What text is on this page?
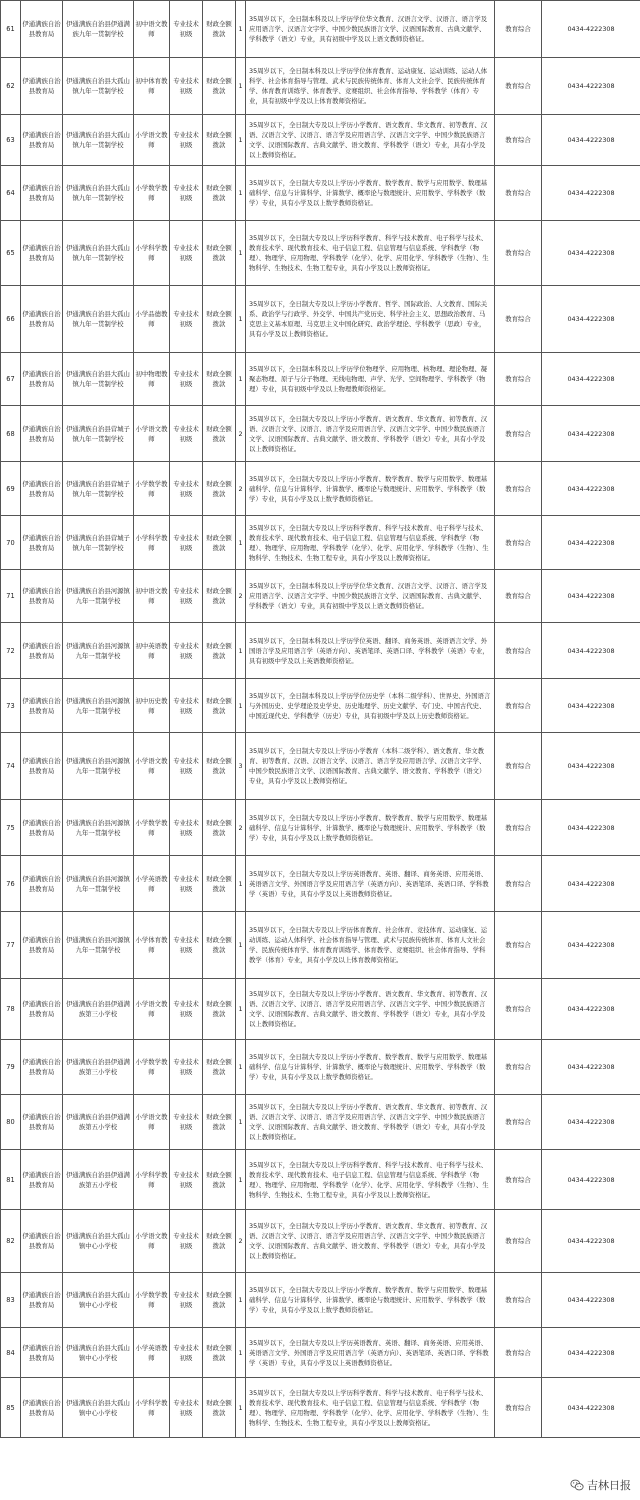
61	伊通满族自治县教育局	伊通满族自治县伊通满族九年一贯制学校	初中语文教师	专业技术初级	财政全额拨款	1	35周岁以下，全日制本科及以上学历学位华文教育、汉语言文学、汉语言、语言学及应用语言学、汉语言文字学、中国少数民族语言文学、汉语国际教育、古典文献学、学科教学（语文）专业，具有初级中学及以上语文教师资格证。	教育综合	0434-4222308
62	伊通满族自治县教育局	伊通满族自治县大孤山镇九年一贯制学校	初中体育教师	专业技术初级	财政全额拨款	1	35周岁以下，全日制本科及以上学历学位体育教育、运动康复、运动训练、运动人体科学、社会体育指导与管理、武术与民族传统体育、体育人文社会学、民族传统体育学、体育教育训练学、体育教学、竞赛组织、社会体育指导、学科教学（体育）专业，具有初级中学及以上体育教师资格证。	教育综合	0434-4222308
63	伊通满族自治县教育局	伊通满族自治县大孤山镇九年一贯制学校	小学语文教师	专业技术初级	财政全额拨款	1	35周岁以下，全日制大专及以上学历小学教育、语文教育、华文教育、初等教育、汉语、汉语言文学、汉语言、语言学及应用语言学、汉语言文字学、中国少数民族语言文学、汉语国际教育、古典文献学、语文教育、学科教学（语文）专业，具有小学及以上教师资格证。	教育综合	0434-4222308
64	伊通满族自治县教育局	伊通满族自治县大孤山镇九年一贯制学校	小学数学教师	专业技术初级	财政全额拨款	1	35周岁以下，全日制大专及以上学历小学教育、数学教育、数学与应用数学、数理基础科学、信息与计算科学、计算数学、概率论与数理统计、应用数学、学科教学（数学）专业，具有小学及以上数学教师资格证。	教育综合	0434-4222308
65	伊通满族自治县教育局	伊通满族自治县大孤山镇九年一贯制学校	小学科学教师	专业技术初级	财政全额拨款	1	35周岁以下，全日制大专及以上学历科学教育、科学与技术教育、电子科学与技术、教育技术学、现代教育技术、电子信息工程、信息管理与信息系统、学科教学（物理）、物理学、应用物理、学科教学（化学）、化学、应用化学、学科教学（生物）、生物科学、生物技术、生物工程专业，具有小学及以上教师资格证。	教育综合	0434-4222308
66	伊通满族自治县教育局	伊通满族自治县大孤山镇九年一贯制学校	小学品德教师	专业技术初级	财政全额拨款	1	35周岁以下，全日制大专及以上学历小学教育、哲学、国际政治、人文教育、国际关系、政治学与行政学、外交学、中国共产党历史、科学社会主义、思想政治教育、马克思主义基本原理、马克思主义中国化研究、政治学理论、学科教学（思政）专业，具有小学及以上教师资格证。	教育综合	0434-4222308
67	伊通满族自治县教育局	伊通满族自治县大孤山镇九年一贯制学校	初中物理教师	专业技术初级	财政全额拨款	1	35周岁以下，全日制本科及以上学历学位物理学、应用物理、核物理、理论物理、凝聚态物理、原子与分子物理、无线电物理、声学、光学、空间物理学、学科教学（物理）专业，具有初级中学及以上物理教师资格证。	教育综合	0434-4222308
68	伊通满族自治县教育局	伊通满族自治县营城子镇九年一贯制学校	小学语文教师	专业技术初级	财政全额拨款	2	35周岁以下，全日制大专及以上学历小学教育、语文教育、华文教育、初等教育、汉语、汉语言文学、汉语言、语言学及应用语言学、汉语言文字学、中国少数民族语言文学、汉语国际教育、古典文献学、语文教育、学科教学（语文）专业，具有小学及以上教师资格证。	教育综合	0434-4222308
69	伊通满族自治县教育局	伊通满族自治县营城子镇九年一贯制学校	小学数学教师	专业技术初级	财政全额拨款	2	35周岁以下，全日制大专及以上学历小学教育、数学教育、数学与应用数学、数理基础科学、信息与计算科学、计算数学、概率论与数理统计、应用数学、学科教学（数学）专业，具有小学及以上数学教师资格证。	教育综合	0434-4222308
70	伊通满族自治县教育局	伊通满族自治县营城子镇九年一贯制学校	小学科学教师	专业技术初级	财政全额拨款	1	35周岁以下，全日制大专及以上学历科学教育、科学与技术教育、电子科学与技术、教育技术学、现代教育技术、电子信息工程、信息管理与信息系统、学科教学（物理）、物理学、应用物理、学科教学（化学）、化学、应用化学、学科教学（生物）、生物科学、生物技术、生物工程专业，具有小学及以上教师资格证。	教育综合	0434-4222308
71	伊通满族自治县教育局	伊通满族自治县河源镇九年一贯制学校	初中语文教师	专业技术初级	财政全额拨款	2	35周岁以下，全日制本科及以上学历学位华文教育、汉语言文学、汉语言、语言学及应用语言学、汉语言文字学、中国少数民族语言文学、汉语国际教育、古典文献学、学科教学（语文）专业，具有初级中学及以上语文教师资格证。	教育综合	0434-4222308
72	伊通满族自治县教育局	伊通满族自治县河源镇九年一贯制学校	初中英语教师	专业技术初级	财政全额拨款	1	35周岁以下，全日制本科及以上学历学位英语、翻译、商务英语、英语语言文学、外国语言学及应用语言学（英语方向）、英语笔译、英语口译、学科教学（英语）专业，具有初级中学及以上英语教师资格证。	教育综合	0434-4222308
73	伊通满族自治县教育局	伊通满族自治县河源镇九年一贯制学校	初中历史教师	专业技术初级	财政全额拨款	1	35周岁以下，全日制本科及以上学历学位历史学（本科二级学科）、世界史、外国语言与外国历史、史学理论及史学史、历史地理学、历史文献学、专门史、中国古代史、中国近现代史、学科教学（历史）专业，具有初级中学及以上历史教师资格证。	教育综合	0434-4222308
74	伊通满族自治县教育局	伊通满族自治县河源镇九年一贯制学校	小学语文教师	专业技术初级	财政全额拨款	3	35周岁以下，全日制大专及以上学历小学教育（本科二级学科）、语文教育、华文教育、初等教育、汉语、汉语言文学、汉语言、语言学及应用语言学、汉语言文字学、中国少数民族语言文学、汉语国际教育、古典文献学、语文教育、学科教学（语文）专业，具有小学及以上教师资格证。	教育综合	0434-4222308
75	伊通满族自治县教育局	伊通满族自治县河源镇九年一贯制学校	小学数学教师	专业技术初级	财政全额拨款	2	35周岁以下，全日制大专及以上学历小学教育、数学教育、数学与应用数学、数理基础科学、信息与计算科学、计算数学、概率论与数理统计、应用数学、学科教学（数学）专业，具有小学及以上数学教师资格证。	教育综合	0434-4222308
76	伊通满族自治县教育局	伊通满族自治县河源镇九年一贯制学校	小学英语教师	专业技术初级	财政全额拨款	1	35周岁以下，全日制大专及以上学历英语教育、英语、翻译、商务英语、应用英语、英语语言文学、外国语言学及应用语言学（英语方向）、英语笔译、英语口译、学科教学（英语）专业，具有小学及以上英语教师资格证。	教育综合	0434-4222308
77	伊通满族自治县教育局	伊通满族自治县河源镇九年一贯制学校	小学体育教师	专业技术初级	财政全额拨款	1	35周岁以下，全日制大专及以上学历体育教育、社会体育、竞技体育、运动康复、运动训练、运动人体科学、社会体育指导与管理、武术与民族传统体育、体育人文社会学、民族传统体育学、体育教育训练学、体育教学、竞赛组织、社会体育指导、学科教学（体育）专业，具有小学及以上体育教师资格证。	教育综合	0434-4222308
78	伊通满族自治县教育局	伊通满族自治县伊通满族第三小学校	小学语文教师	专业技术初级	财政全额拨款	1	35周岁以下，全日制大专及以上学历小学教育、语文教育、华文教育、初等教育、汉语、汉语言文学、汉语言、语言学及应用语言学、汉语言文字学、中国少数民族语言文学、汉语国际教育、古典文献学、语文教育、学科教学（语文）专业，具有小学及以上教师资格证。	教育综合	0434-4222308
79	伊通满族自治县教育局	伊通满族自治县伊通满族第三小学校	小学数学教师	专业技术初级	财政全额拨款	1	35周岁以下，全日制大专及以上学历小学教育、数学教育、数学与应用数学、数理基础科学、信息与计算科学、计算数学、概率论与数理统计、应用数学、学科教学（数学）专业，具有小学及以上数学教师资格证。	教育综合	0434-4222308
80	伊通满族自治县教育局	伊通满族自治县伊通满族第五小学校	小学语文教师	专业技术初级	财政全额拨款	1	35周岁以下，全日制大专及以上学历小学教育、语文教育、华文教育、初等教育、汉语、汉语言文学、汉语言、语言学及应用语言学、汉语言文字学、中国少数民族语言文学、汉语国际教育、古典文献学、语文教育、学科教学（语文）专业，具有小学及以上教师资格证。	教育综合	0434-4222308
81	伊通满族自治县教育局	伊通满族自治县伊通满族第五小学校	小学科学教师	专业技术初级	财政全额拨款	1	35周岁以下，全日制大专及以上学历科学教育、科学与技术教育、电子科学与技术、教育技术学、现代教育技术、电子信息工程、信息管理与信息系统、学科教学（物理）、物理学、应用物理、学科教学（化学）、化学、应用化学、学科教学（生物）、生物科学、生物技术、生物工程专业，具有小学及以上教师资格证。	教育综合	0434-4222308
82	伊通满族自治县教育局	伊通满族自治县大孤山镇中心小学校	小学语文教师	专业技术初级	财政全额拨款	2	35周岁以下，全日制大专及以上学历小学教育、语文教育、华文教育、初等教育、汉语、汉语言文学、汉语言、语言学及应用语言学、汉语言文字学、中国少数民族语言文学、汉语国际教育、古典文献学、语文教育、学科教学（语文）专业，具有小学及以上教师资格证。	教育综合	0434-4222308
83	伊通满族自治县教育局	伊通满族自治县大孤山镇中心小学校	小学数学教师	专业技术初级	财政全额拨款	1	35周岁以下，全日制大专及以上学历小学教育、数学教育、数学与应用数学、数理基础科学、信息与计算科学、计算数学、概率论与数理统计、应用数学、学科教学（数学）专业，具有小学及以上数学教师资格证。	教育综合	0434-4222308
84	伊通满族自治县教育局	伊通满族自治县大孤山镇中心小学校	小学英语教师	专业技术初级	财政全额拨款	1	35周岁以下，全日制大专及以上学历英语教育、英语、翻译、商务英语、应用英语、英语语言文学、外国语言学及应用语言学（英语方向）、英语笔译、英语口译、学科教学（英语）专业，具有小学及以上英语教师资格证。	教育综合	0434-4222308
85	伊通满族自治县教育局	伊通满族自治县大孤山镇中心小学校	小学科学教师	专业技术初级	财政全额拨款	1	35周岁以下，全日制大专及以上学历科学教育、科学与技术教育、电子科学与技术、教育技术学、现代教育技术、电子信息工程、信息管理与信息系统、学科教学（物理）、物理学、应用物理、学科教学（化学）、化学、应用化学、学科教学（生物）、生物科学、生物技术、生物工程专业，具有小学及以上教师资格证。	教育综合	0434-4222308
吉林日报
